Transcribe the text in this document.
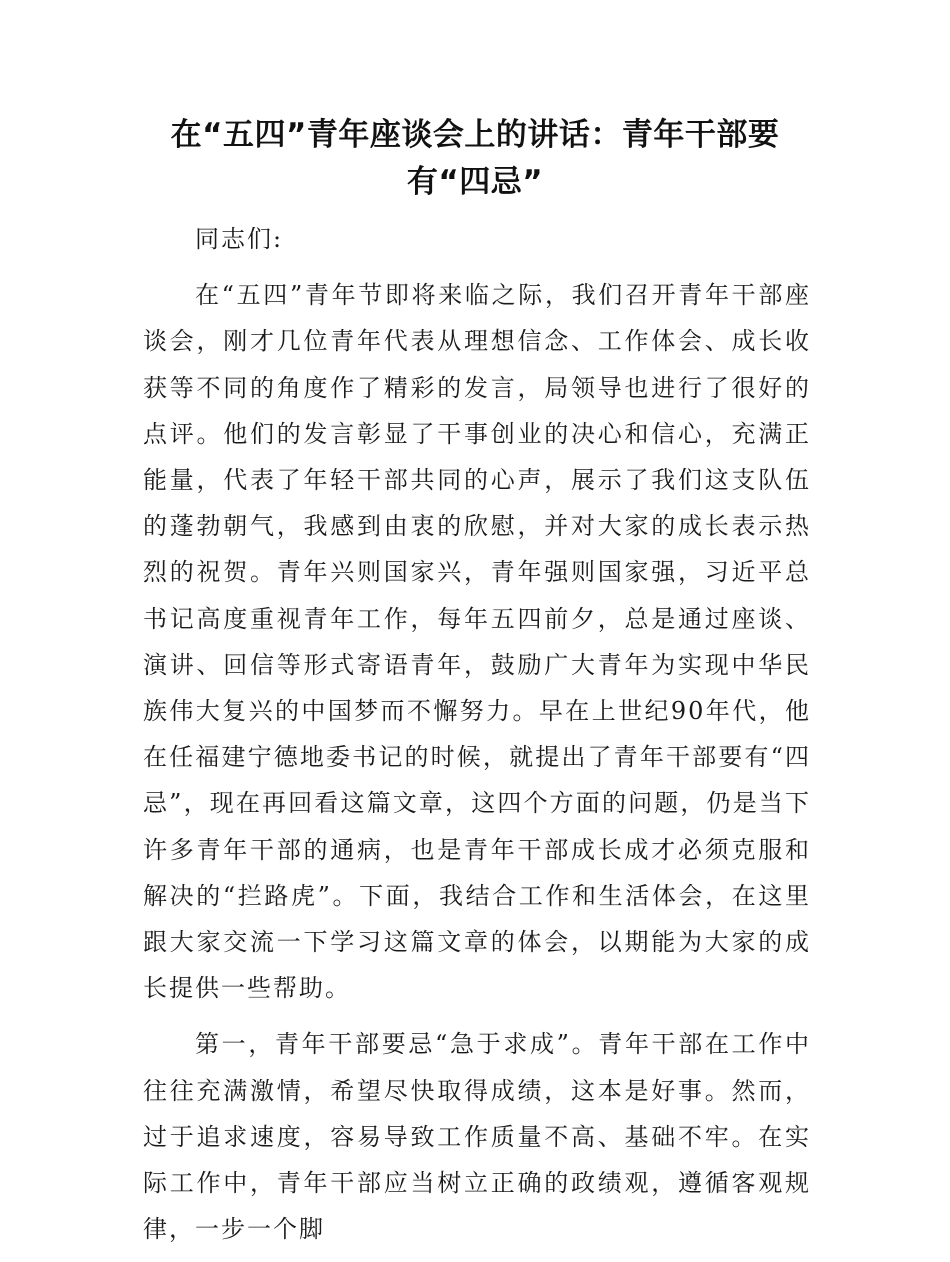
在“五四”青年座谈会上的讲话：青年干部要有“四忌”

同志们:

在“五四”青年节即将来临之际，我们召开青年干部座谈会，刚才几位青年代表从理想信念、工作体会、成长收获等不同的角度作了精彩的发言，局领导也进行了很好的点评。他们的发言彰显了干事创业的决心和信心，充满正能量，代表了年轻干部共同的心声，展示了我们这支队伍的蓬勃朝气，我感到由衷的欣慰，并对大家的成长表示热烈的祝贺。青年兴则国家兴，青年强则国家强，习近平总书记高度重视青年工作，每年五四前夕，总是通过座谈、演讲、回信等形式寄语青年，鼓励广大青年为实现中华民族伟大复兴的中国梦而不懈努力。早在上世纪90年代，他在任福建宁德地委书记的时候，就提出了青年干部要有“四忌”，现在再回看这篇文章，这四个方面的问题，仍是当下许多青年干部的通病，也是青年干部成长成才必须克服和解决的“拦路虎”。下面，我结合工作和生活体会，在这里跟大家交流一下学习这篇文章的体会，以期能为大家的成长提供一些帮助。

第一，青年干部要忌“急于求成”。青年干部在工作中往往充满激情，希望尽快取得成绩，这本是好事。然而，过于追求速度，容易导致工作质量不高、基础不牢。在实际工作中，青年干部应当树立正确的政绩观，遵循客观规律，一步一个脚
